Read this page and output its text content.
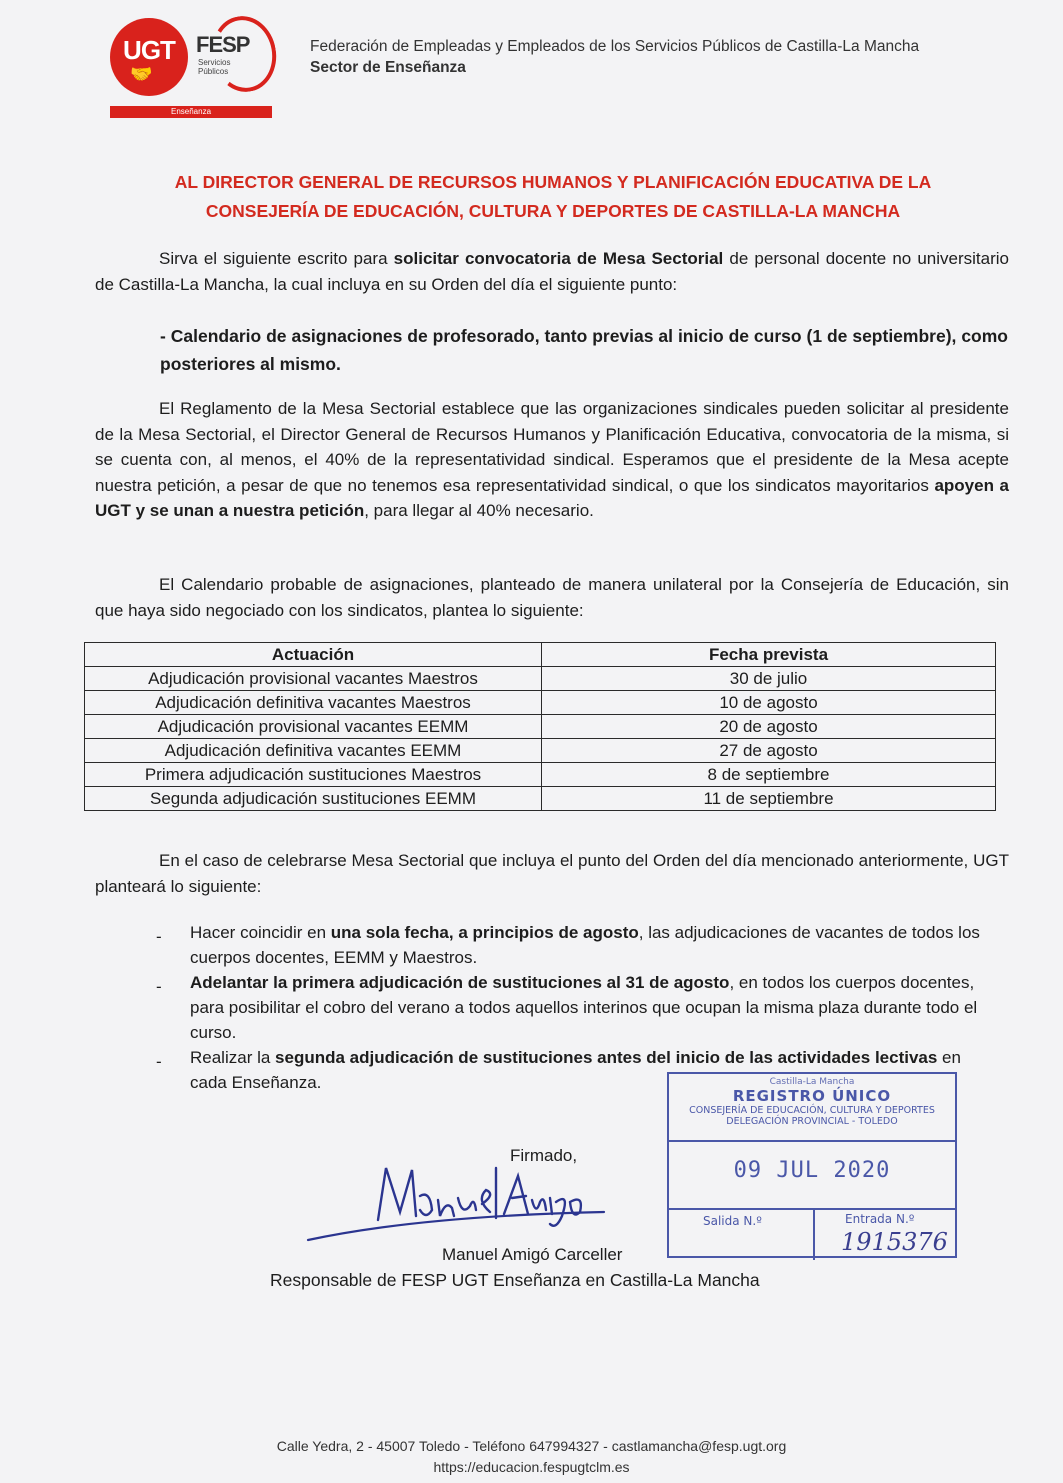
UGT
🤝
FESP
Servicios Públicos
Enseñanza
Federación de Empleadas y Empleados de los Servicios Públicos de Castilla-La Mancha
Sector de Enseñanza
AL DIRECTOR GENERAL DE RECURSOS HUMANOS Y PLANIFICACIÓN EDUCATIVA DE LA
CONSEJERÍA DE EDUCACIÓN, CULTURA Y DEPORTES DE CASTILLA-LA MANCHA

Sirva el siguiente escrito para solicitar convocatoria de Mesa Sectorial de personal docente no universitario de Castilla-La Mancha, la cual incluya en su Orden del día el siguiente punto:

- Calendario de asignaciones de profesorado, tanto previas al inicio de curso (1 de septiembre), como posteriores al mismo.

El Reglamento de la Mesa Sectorial establece que las organizaciones sindicales pueden solicitar al presidente de la Mesa Sectorial, el Director General de Recursos Humanos y Planificación Educativa, convocatoria de la misma, si se cuenta con, al menos, el 40% de la representatividad sindical. Esperamos que el presidente de la Mesa acepte nuestra petición, a pesar de que no tenemos esa representatividad sindical, o que los sindicatos mayoritarios apoyen a UGT y se unan a nuestra petición, para llegar al 40% necesario.

El Calendario probable de asignaciones, planteado de manera unilateral por la Consejería de Educación, sin que haya sido negociado con los sindicatos, plantea lo siguiente:

Actuación	Fecha prevista
Adjudicación provisional vacantes Maestros	30 de julio
Adjudicación definitiva vacantes Maestros	10 de agosto
Adjudicación provisional vacantes EEMM	20 de agosto
Adjudicación definitiva vacantes EEMM	27 de agosto
Primera adjudicación sustituciones Maestros	8 de septiembre
Segunda adjudicación sustituciones EEMM	11 de septiembre

En el caso de celebrarse Mesa Sectorial que incluya el punto del Orden del día mencionado anteriormente, UGT planteará lo siguiente:

- Hacer coincidir en una sola fecha, a principios de agosto, las adjudicaciones de vacantes de todos los cuerpos docentes, EEMM y Maestros.
- Adelantar la primera adjudicación de sustituciones al 31 de agosto, en todos los cuerpos docentes, para posibilitar el cobro del verano a todos aquellos interinos que ocupan la misma plaza durante todo el curso.
- Realizar la segunda adjudicación de sustituciones antes del inicio de las actividades lectivas en cada Enseñanza.	Castilla-La Mancha
REGISTRO ÚNICO
CONSEJERÍA DE EDUCACIÓN, CULTURA Y DEPORTES
DELEGACIÓN PROVINCIAL - TOLEDO
09 JUL 2020
Salida N.º	Entrada N.º
1915376
Firmado,
Manuel Amigó Carceller
Responsable de FESP UGT Enseñanza en Castilla-La Mancha
Calle Yedra, 2 - 45007 Toledo - Teléfono 647994327 - castlamancha@fesp.ugt.org
https://educacion.fespugtclm.es
